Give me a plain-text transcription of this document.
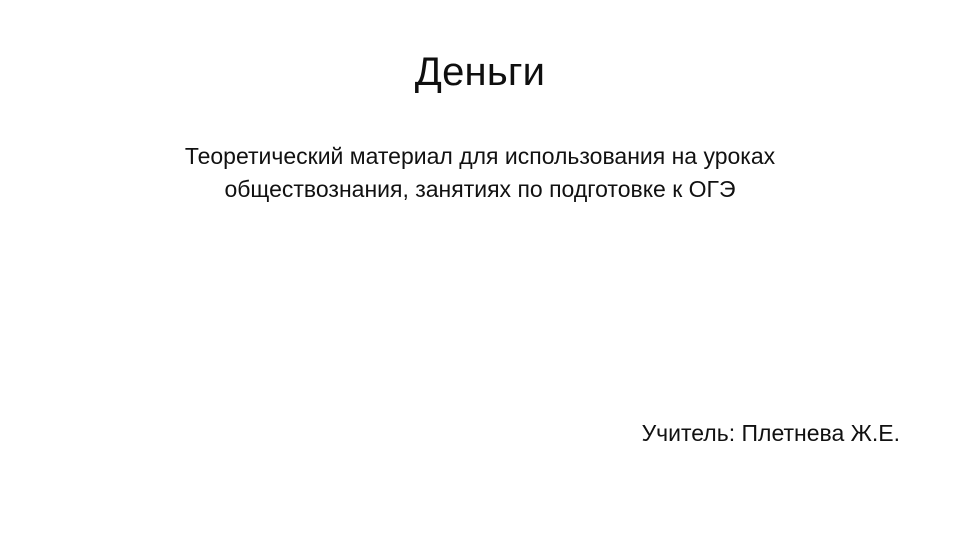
Деньги
Теоретический материал для использования на уроках обществознания, занятиях по подготовке к ОГЭ
Учитель: Плетнева Ж.Е.
